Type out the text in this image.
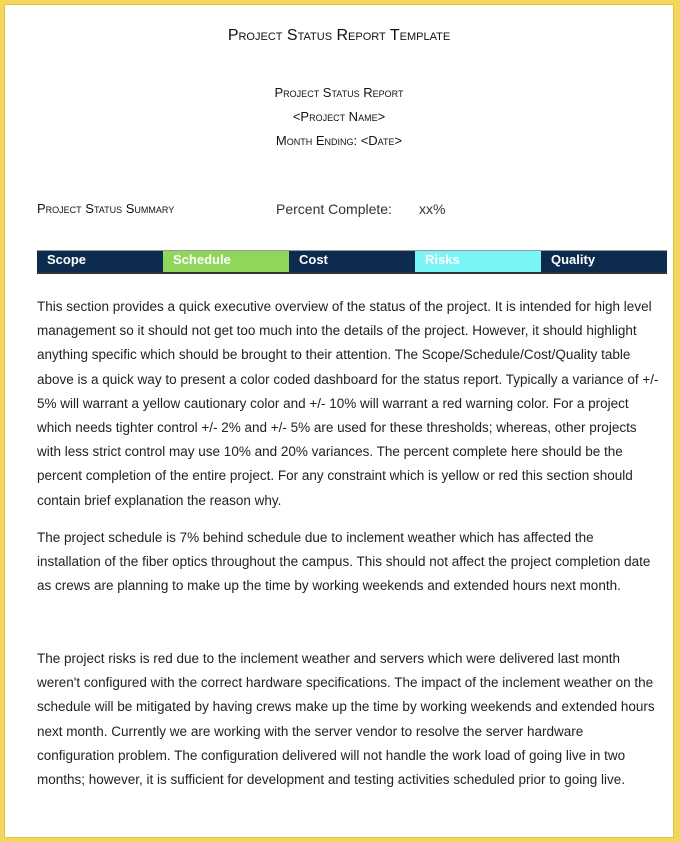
Project Status Report Template
Project Status Report
<Project Name>
Month Ending: <Date>
Project Status Summary	Percent Complete: xx%
Scope	Schedule	Cost	Risks	Quality

This section provides a quick executive overview of the status of the project. It is intended for high level management so it should not get too much into the details of the project. However, it should highlight anything specific which should be brought to their attention. The Scope/Schedule/Cost/Quality table above is a quick way to present a color coded dashboard for the status report. Typically a variance of +/- 5% will warrant a yellow cautionary color and +/- 10% will warrant a red warning color. For a project which needs tighter control +/- 2% and +/- 5% are used for these thresholds; whereas, other projects with less strict control may use 10% and 20% variances. The percent complete here should be the percent completion of the entire project. For any constraint which is yellow or red this section should contain brief explanation the reason why.

The project schedule is 7% behind schedule due to inclement weather which has affected the installation of the fiber optics throughout the campus. This should not affect the project completion date as crews are planning to make up the time by working weekends and extended hours next month.

The project risks is red due to the inclement weather and servers which were delivered last month weren't configured with the correct hardware specifications. The impact of the inclement weather on the schedule will be mitigated by having crews make up the time by working weekends and extended hours next month. Currently we are working with the server vendor to resolve the server hardware configuration problem. The configuration delivered will not handle the work load of going live in two months; however, it is sufficient for development and testing activities scheduled prior to going live.
